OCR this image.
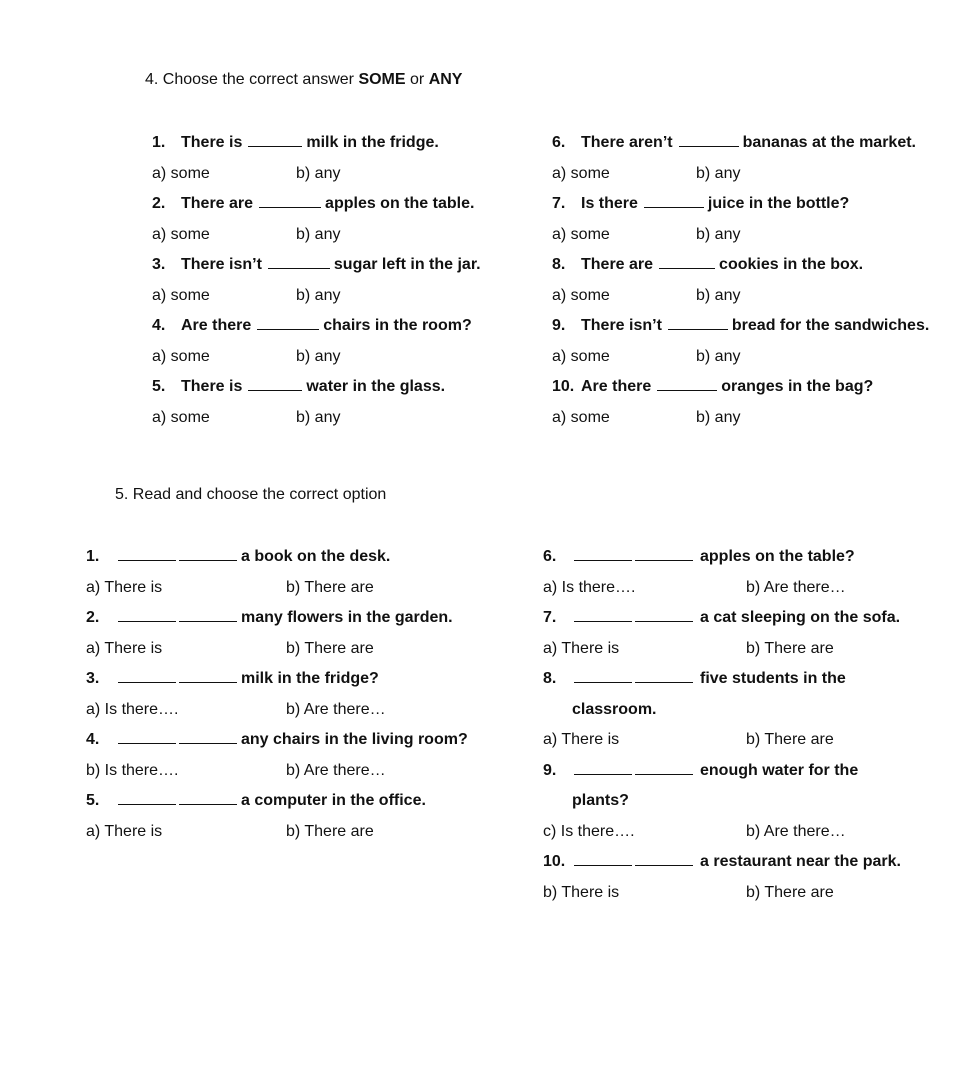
4. Choose the correct answer SOME or ANY
1. There is	milk in the fridge.
a) some	b) any
2. There are	apples on the table.
a) some	b) any
3. There isn’t	sugar left in the jar.
a) some	b) any
4. Are there	chairs in the room?
a) some	b) any
5. There is	water in the glass.
a) some	b) any
6. There aren’t	bananas at the market.
a) some	b) any
7. Is there	juice in the bottle?
a) some	b) any
8. There are	cookies in the box.
a) some	b) any
9. There isn’t	bread for the sandwiches.
a) some	b) any
10. Are there	oranges in the bag?
a) some	b) any
5. Read and choose the correct option
1.	a book on the desk.
a) There is	b) There are
2.	many flowers in the garden.
a) There is	b) There are
3.	milk in the fridge?
a) Is there….	b) Are there…
4.	any chairs in the living room?
b) Is there….	b) Are there…
5.	a computer in the office.
a) There is	b) There are
6.	apples on the table?
a) Is there….	b) Are there…
7.	a cat sleeping on the sofa.
a) There is	b) There are
8.	five students in the
classroom.
a) There is	b) There are
9.	enough water for the
plants?
c) Is there….	b) Are there…
10.	a restaurant near the park.
b) There is	b) There are
